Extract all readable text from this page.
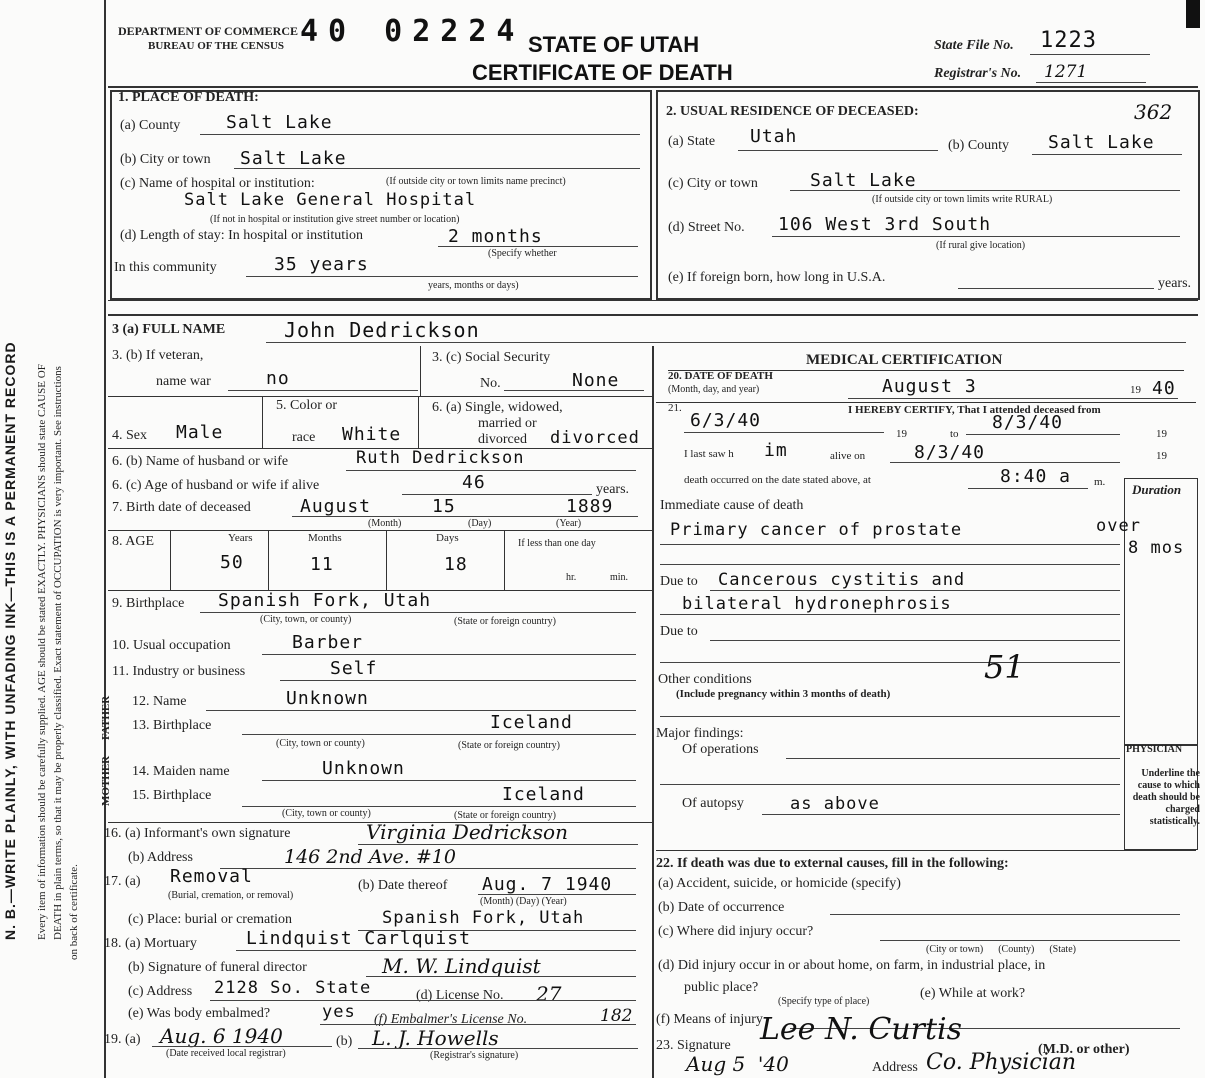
N. B.—WRITE PLAINLY, WITH UNFADING INK—THIS IS A PERMANENT RECORD Every item of information should be carefully supplied. AGE should be stated EXACTLY. PHYSICIANS should state CAUSE OF DEATH in plain terms, so that it may be properly classified. Exact statement of OCCUPATION is very important. See instructions on back of certificate.
DEPARTMENT OF COMMERCE
BUREAU OF THE CENSUS 40 02224 STATE OF UTAH
CERTIFICATE OF DEATH
State File No. 1223
Registrar's No. 1271
1. PLACE OF DEATH:
(a) County	Salt Lake
(b) City or town Salt Lake
(c) Name of hospital or institution:	(If outside city or town limits name precinct)
Salt Lake General Hospital
(If not in hospital or institution give street number or location)
(d) Length of stay: In hospital or institution	2 months
(Specify whether
In this community	35 years
years, months or days)
2. USUAL RESIDENCE OF DECEASED:	362
(a) State Utah	(b) County Salt Lake
(c) City or town	Salt Lake
(If outside city or town limits write RURAL)
(d) Street No. 106 West 3rd South
(If rural give location)
(e) If foreign born, how long in U.S.A.	years.
3 (a) FULL NAME	John Dedrickson
3. (b) If veteran,
name war	no
3. (c) Social Security
No.	None
4. Sex Male
5. Color or
race White
6. (a) Single, widowed,
married or
divorced divorced
6. (b) Name of husband or wife	Ruth Dedrickson
6. (c) Age of husband or wife if alive	46	years.
7. Birth date of deceased	August	15	1889
(Month)	(Day)	(Year)
8. AGE	Years	Months	Days	If less than one day
50	11	18
hr.	min.
9. Birthplace Spanish Fork, Utah
(City, town, or county)	(State or foreign country)
10. Usual occupation	Barber
11. Industry or business	Self
FATHER
MOTHER
12. Name	Unknown
13. Birthplace	Iceland
(City, town or county)	(State or foreign country)
14. Maiden name	Unknown
15. Birthplace	Iceland
(City, town or county)	(State or foreign country)
16. (a) Informant's own signature	Virginia Dedrickson
(b) Address	146 2nd Ave. #10
17. (a) Removal
(Burial, cremation, or removal)
(b) Date thereof Aug. 7 1940
(Month) (Day) (Year)
(c) Place: burial or cremation	Spanish Fork, Utah
18. (a) Mortuary	Lindquist Carlquist
(b) Signature of funeral director	M. W. Lindquist
(c) Address 2128 So. State	(d) License No. 27
(e) Was body embalmed?	yes (f) Embalmer's License No.	182
19. (a) Aug. 6 1940
(Date received local registrar)
(b) L. J. Howells
(Registrar's signature)
MEDICAL CERTIFICATION
20. DATE OF DEATH
(Month, day, and year)	August 3	19 40
21.	I HEREBY CERTIFY, That I attended deceased from
6/3/40
19	to
8/3/40
19
I last saw h im	alive on	8/3/40	19
death occurred on the date stated above, at	8:40 a m. Duration
Immediate cause of death
Primary cancer of prostate	over
8 mos
Due to Cancerous cystitis and
bilateral hydronephrosis
Due to
Other conditions	51
(Include pregnancy within 3 months of death)
Major findings:
Of operations
Of autopsy	as above
PHYSICIAN
Underline the cause to which death should be charged statistically.
22. If death was due to external causes, fill in the following:
(a) Accident, suicide, or homicide (specify)
(b) Date of occurrence
(c) Where did injury occur?
(City or town)      (County)      (State)
(d) Did injury occur in or about home, on farm, in industrial place, in
public place?
(Specify type of place)
(e) While at work?
(f) Means of injury
23. Signature Lee N. Curtis
(M.D. or other)
Aug 5  '40	Address Co. Physician
